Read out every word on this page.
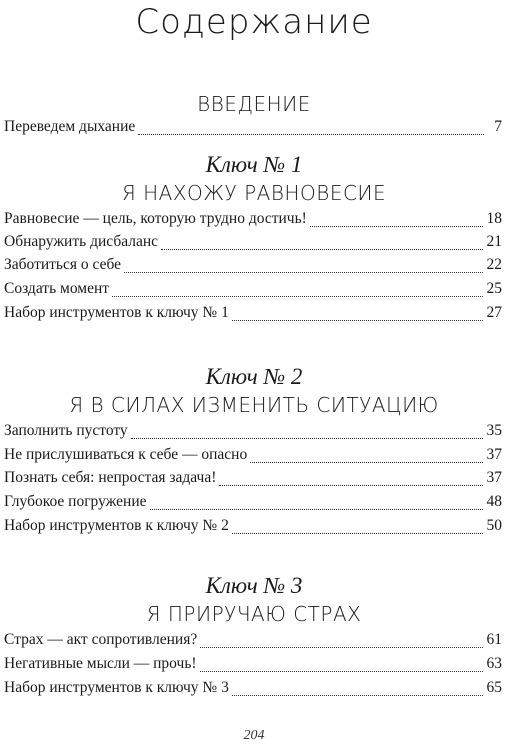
Содержание
ВВЕДЕНИЕ
Переведем дыхание	7
Ключ № 1
Я НАХОЖУ РАВНОВЕСИЕ
Равновесие — цель, которую трудно достичь!	18
Обнаружить дисбаланс	21
Заботиться о себе	22
Создать момент	25
Набор инструментов к ключу № 1	27
Ключ № 2
Я В СИЛАХ ИЗМЕНИТЬ СИТУАЦИЮ
Заполнить пустоту	35
Не прислушиваться к себе — опасно	37
Познать себя: непростая задача!	37
Глубокое погружение	48
Набор инструментов к ключу № 2	50
Ключ № 3
Я ПРИРУЧАЮ СТРАХ
Страх — акт сопротивления?	61
Негативные мысли — прочь!	63
Набор инструментов к ключу № 3	65
204
